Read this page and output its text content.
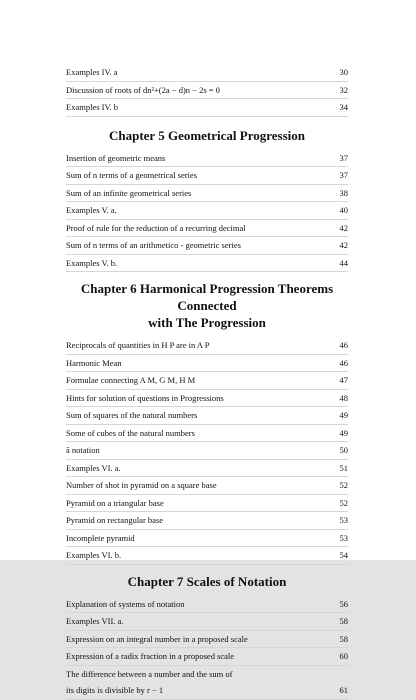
Examples IV. a	30
Discussion of roots of dn²+(2a − d)n − 2s = 0	32
Examples IV. b	34
Chapter 5 Geometrical Progression
Insertion of geometric means	37
Sum of n terms of a geometrical series	37
Sum of an infinite geometrical series	38
Examples V. a.	40
Proof of rule for the reduction of a recurring decimal	42
Sum of n terms of an arithmetico - geometric series	42
Examples V. b.	44
Chapter 6 Harmonical Progression Theorems Connected
with The Progression
Reciprocals of quantities in H P are in A P	46
Harmonic Mean	46
Formulae connecting A M, G M, H M	47
Hints for solution of questions in Progressions	48
Sum of squares of the natural numbers	49
Some of cubes of the natural numbers	49
ā notation	50
Examples VI. a.	51
Number of shot in pyramid on a square base	52
Pyramid on a triangular base	52
Pyramid on rectangular base	53
Incomplete pyramid	53
Examples VI. b.	54
Chapter 7 Scales of Notation
Explanation of systems of notation	56
Examples VII. a.	58
Expression on an integral number in a proposed scale	58
Expression of a radix fraction in a proposed scale	60
The difference between a number and the sum of
its digits is divisible by r − 1	61
